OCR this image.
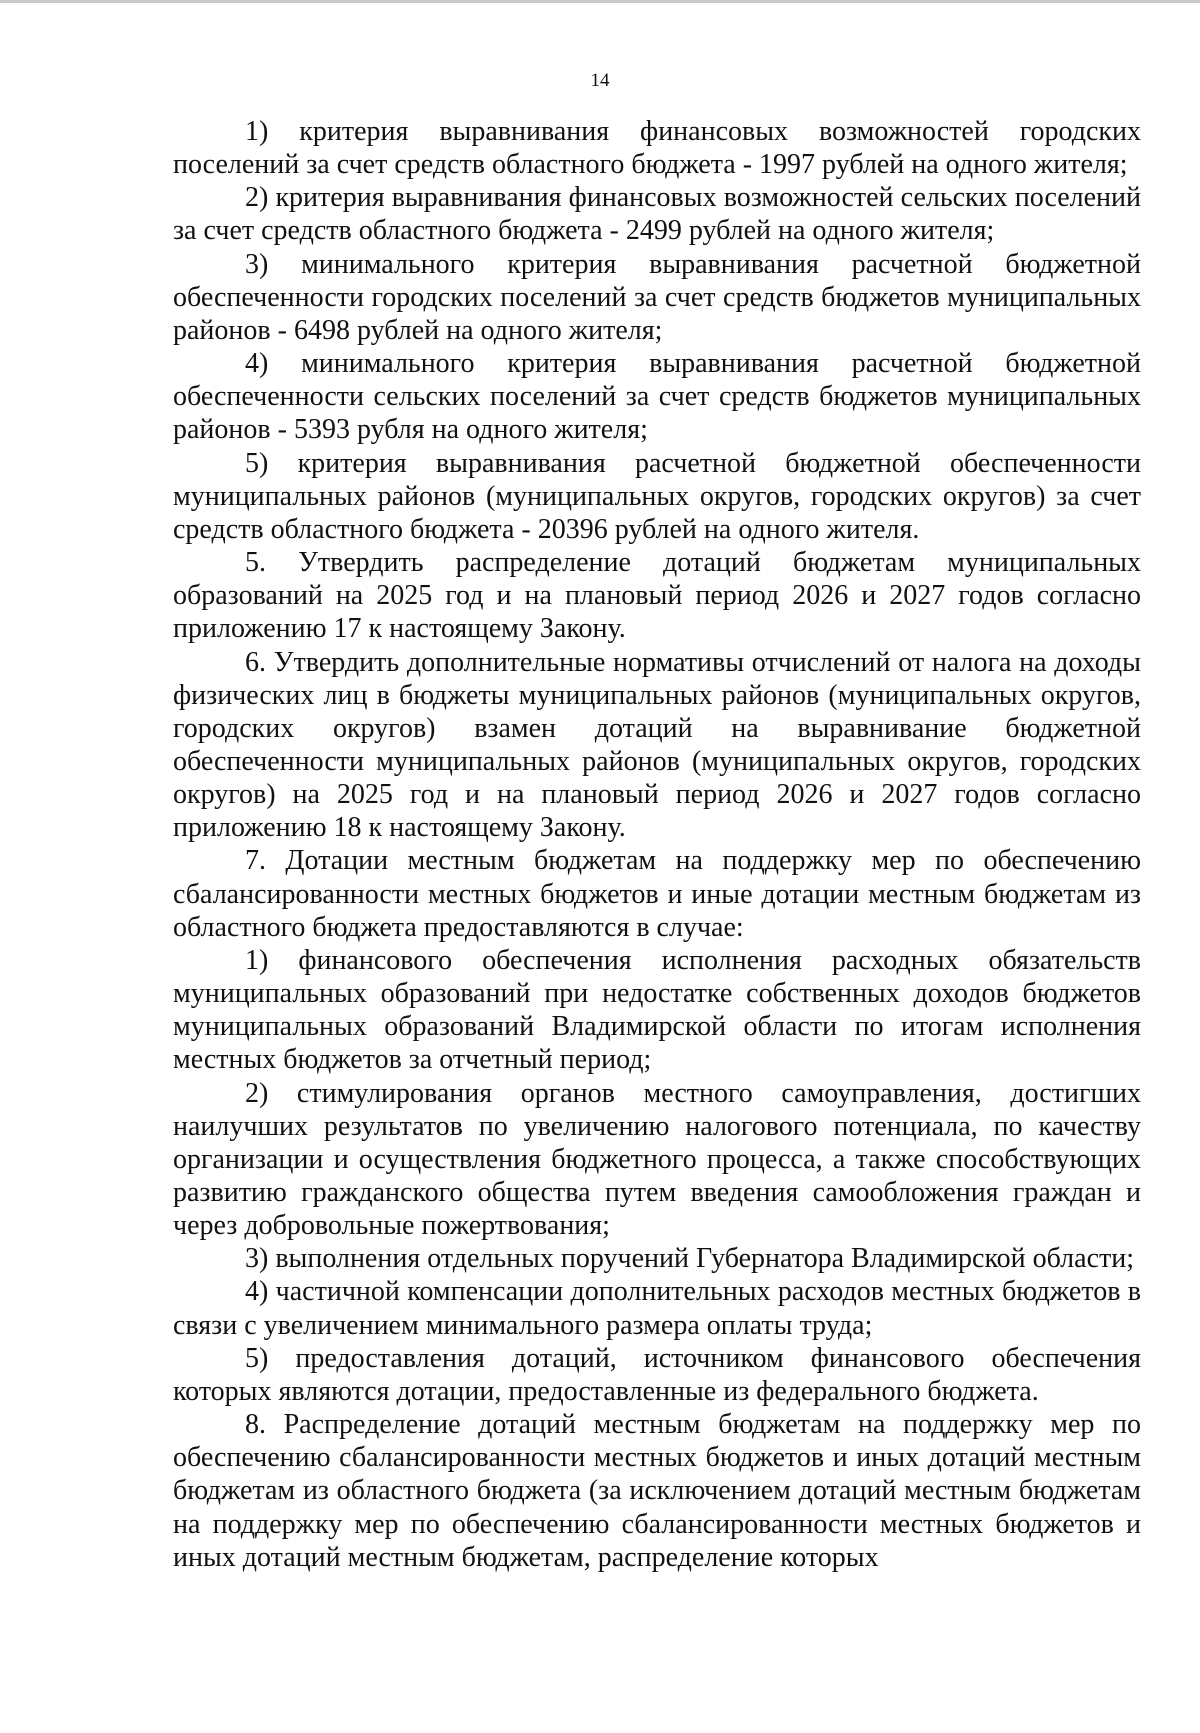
14

1) критерия выравнивания финансовых возможностей городских поселений за счет средств областного бюджета - 1997 рублей на одного жителя;

2) критерия выравнивания финансовых возможностей сельских поселений за счет средств областного бюджета - 2499 рублей на одного жителя;

3) минимального критерия выравнивания расчетной бюджетной обеспеченности городских поселений за счет средств бюджетов муниципальных районов - 6498 рублей на одного жителя;

4) минимального критерия выравнивания расчетной бюджетной обеспеченности сельских поселений за счет средств бюджетов муниципальных районов - 5393 рубля на одного жителя;

5) критерия выравнивания расчетной бюджетной обеспеченности муниципальных районов (муниципальных округов, городских округов) за счет средств областного бюджета - 20396 рублей на одного жителя.

5. Утвердить распределение дотаций бюджетам муниципальных образований на 2025 год и на плановый период 2026 и 2027 годов согласно приложению 17 к настоящему Закону.

6. Утвердить дополнительные нормативы отчислений от налога на доходы физических лиц в бюджеты муниципальных районов (муниципальных округов, городских округов) взамен дотаций на выравнивание бюджетной обеспеченности муниципальных районов (муниципальных округов, городских округов) на 2025 год и на плановый период 2026 и 2027 годов согласно приложению 18 к настоящему Закону.

7. Дотации местным бюджетам на поддержку мер по обеспечению сбалансированности местных бюджетов и иные дотации местным бюджетам из областного бюджета предоставляются в случае:

1) финансового обеспечения исполнения расходных обязательств муниципальных образований при недостатке собственных доходов бюджетов муниципальных образований Владимирской области по итогам исполнения местных бюджетов за отчетный период;

2) стимулирования органов местного самоуправления, достигших наилучших результатов по увеличению налогового потенциала, по качеству организации и осуществления бюджетного процесса, а также способствующих развитию гражданского общества путем введения самообложения граждан и через добровольные пожертвования;

3) выполнения отдельных поручений Губернатора Владимирской области;

4) частичной компенсации дополнительных расходов местных бюджетов в связи с увеличением минимального размера оплаты труда;

5) предоставления дотаций, источником финансового обеспечения которых являются дотации, предоставленные из федерального бюджета.

8. Распределение дотаций местным бюджетам на поддержку мер по обеспечению сбалансированности местных бюджетов и иных дотаций местным бюджетам из областного бюджета (за исключением дотаций местным бюджетам на поддержку мер по обеспечению сбалансированности местных бюджетов и иных дотаций местным бюджетам, распределение которых
